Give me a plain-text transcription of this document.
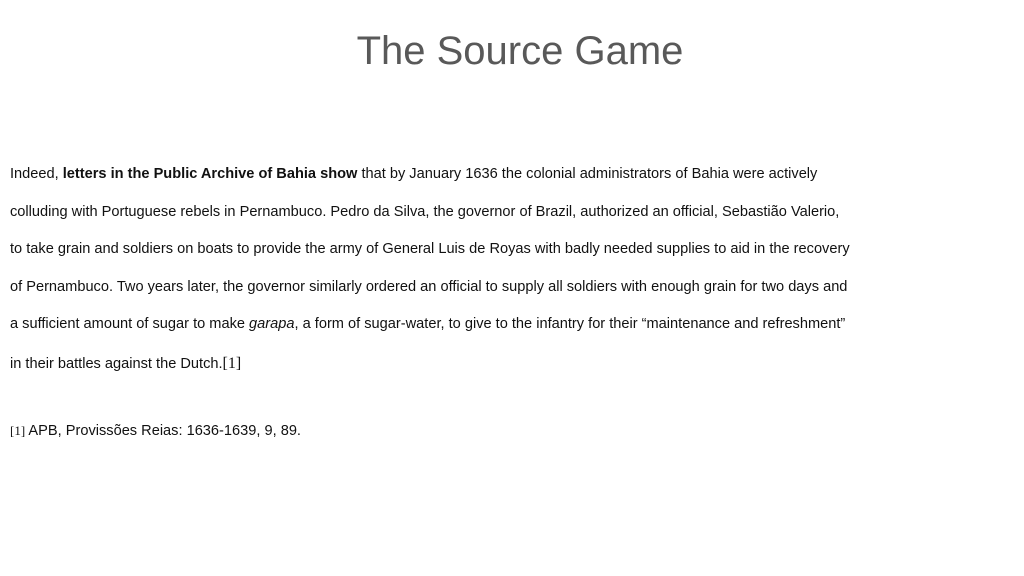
The Source Game

Indeed, letters in the Public Archive of Bahia show that by January 1636 the colonial administrators of Bahia were actively
colluding with Portuguese rebels in Pernambuco. Pedro da Silva, the governor of Brazil, authorized an official, Sebastião Valerio,
to take grain and soldiers on boats to provide the army of General Luis de Royas with badly needed supplies to aid in the recovery
of Pernambuco. Two years later, the governor similarly ordered an official to supply all soldiers with enough grain for two days and
a sufficient amount of sugar to make garapa, a form of sugar-water, to give to the infantry for their “maintenance and refreshment”
in their battles against the Dutch.[1]

[1] APB, Provissões Reias: 1636-1639, 9, 89.
